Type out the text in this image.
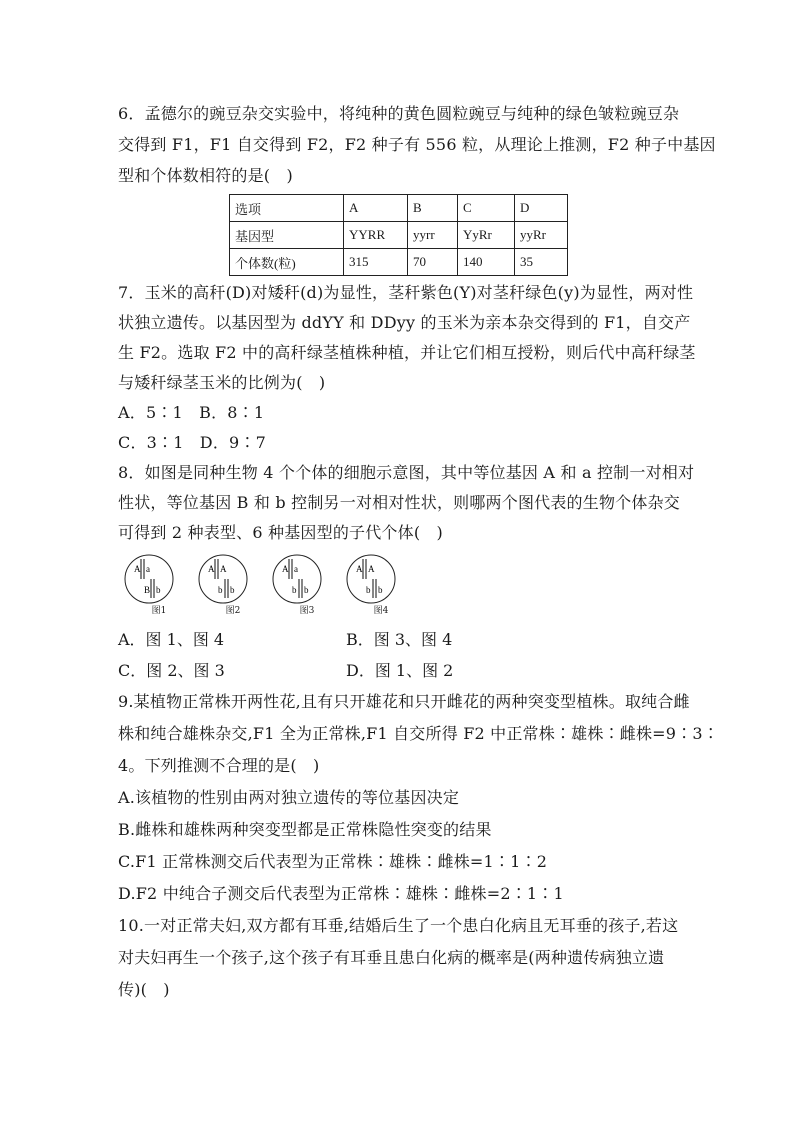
6．孟德尔的豌豆杂交实验中，将纯种的黄色圆粒豌豆与纯种的绿色皱粒豌豆杂
交得到 F1，F1 自交得到 F2，F2 种子有 556 粒，从理论上推测，F2 种子中基因
型和个体数相符的是(　)
选项	A	B	C	D
基因型	YYRR	yyrr	YyRr	yyRr
个体数(粒)	315	70	140	35
7．玉米的高秆(D)对矮秆(d)为显性，茎秆紫色(Y)对茎秆绿色(y)为显性，两对性
状独立遗传。以基因型为 ddYY 和 DDyy 的玉米为亲本杂交得到的 F1，自交产
生 F2。选取 F2 中的高秆绿茎植株种植，并让它们相互授粉，则后代中高秆绿茎
与矮秆绿茎玉米的比例为(　)
A．5∶1　B．8∶1
C．3∶1　D．9∶7
8．如图是同种生物 4 个个体的细胞示意图，其中等位基因 A 和 a 控制一对相对
性状，等位基因 B 和 b 控制另一对相对性状，则哪两个图代表的生物个体杂交
可得到 2 种表型、6 种基因型的子代个体(　)
A a
B b
A A
b b
A a
b b
A A
b b
图1	图2	图3	图4
A．图 1、图 4	B．图 3、图 4
C．图 2、图 3	D．图 1、图 2
9.某植物正常株开两性花,且有只开雄花和只开雌花的两种突变型植株。取纯合雌
株和纯合雄株杂交,F1 全为正常株,F1 自交所得 F2 中正常株∶雄株∶雌株=9∶3∶
4。下列推测不合理的是(　)
A.该植物的性别由两对独立遗传的等位基因决定
B.雌株和雄株两种突变型都是正常株隐性突变的结果
C.F1 正常株测交后代表型为正常株∶雄株∶雌株=1∶1∶2
D.F2 中纯合子测交后代表型为正常株∶雄株∶雌株=2∶1∶1
10.一对正常夫妇,双方都有耳垂,结婚后生了一个患白化病且无耳垂的孩子,若这
对夫妇再生一个孩子,这个孩子有耳垂且患白化病的概率是(两种遗传病独立遗
传)(　)
